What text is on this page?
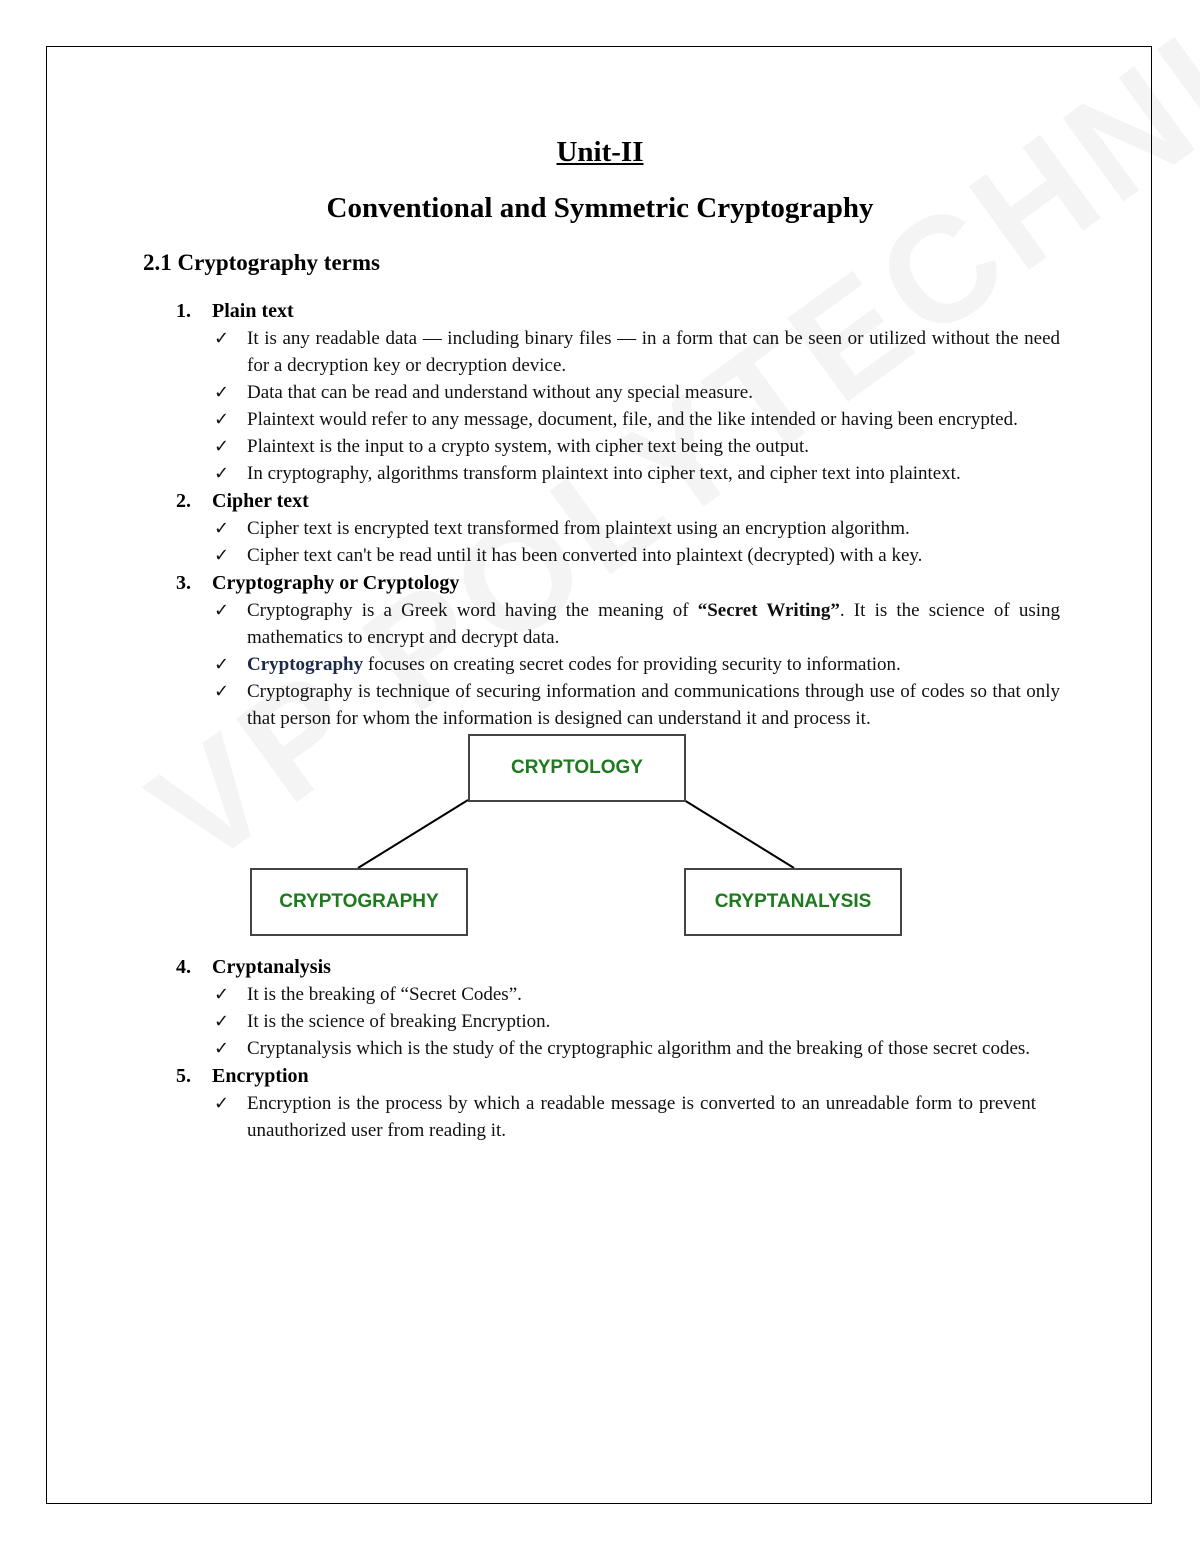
Unit-II
Conventional and Symmetric Cryptography
2.1 Cryptography terms
1.	Plain text
✓ It is any readable data — including binary files — in a form that can be seen or utilized without the need for a decryption key or decryption device.
✓ Data that can be read and understand without any special measure.
✓ Plaintext would refer to any message, document, file, and the like intended or having been encrypted.
✓ Plaintext is the input to a crypto system, with cipher text being the output.
✓ In cryptography, algorithms transform plaintext into cipher text, and cipher text into plaintext.
2.	Cipher text
✓ Cipher text is encrypted text transformed from plaintext using an encryption algorithm.
✓ Cipher text can't be read until it has been converted into plaintext (decrypted) with a key.
3.	Cryptography or Cryptology
✓ Cryptography is a Greek word having the meaning of “Secret Writing”. It is the science of using mathematics to encrypt and decrypt data.
✓ Cryptography focuses on creating secret codes for providing security to information.
✓ Cryptography is technique of securing information and communications through use of codes so that only that person for whom the information is designed can understand it and process it.
CRYPTOLOGY
CRYPTOGRAPHY	CRYPTANALYSIS
4.	Cryptanalysis
✓ It is the breaking of “Secret Codes”.
✓ It is the science of breaking Encryption.
✓ Cryptanalysis which is the study of the cryptographic algorithm and the breaking of those secret codes.
5.	Encryption
✓ Encryption is the process by which a readable message is converted to an unreadable form to prevent unauthorized user from reading it.
